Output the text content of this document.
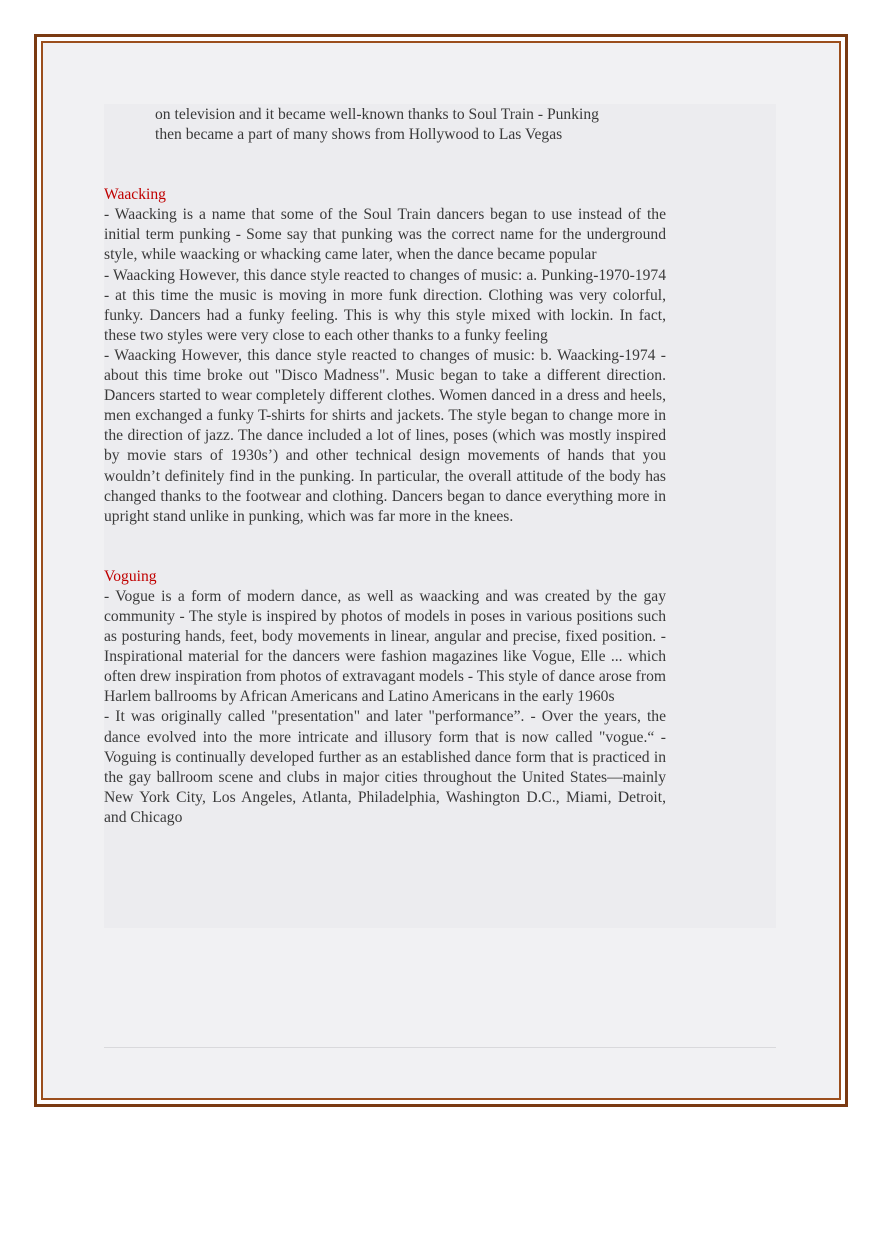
on television and it became well-known thanks to Soul Train - Punking
then became a part of many shows from Hollywood to Las Vegas
Waacking
- Waacking is a name that some of the Soul Train dancers began to use instead of the initial term punking - Some say that punking was the correct name for the underground style, while waacking or whacking came later, when the dance became popular
- Waacking However, this dance style reacted to changes of music: a. Punking-1970-1974 - at this time the music is moving in more funk direction. Clothing was very colorful, funky. Dancers had a funky feeling. This is why this style mixed with lockin. In fact, these two styles were very close to each other thanks to a funky feeling
- Waacking However, this dance style reacted to changes of music: b. Waacking-1974 - about this time broke out "Disco Madness". Music began to take a different direction. Dancers started to wear completely different clothes. Women danced in a dress and heels, men exchanged a funky T-shirts for shirts and jackets. The style began to change more in the direction of jazz. The dance included a lot of lines, poses (which was mostly inspired by movie stars of 1930s’) and other technical design movements of hands that you wouldn’t definitely find in the punking. In particular, the overall attitude of the body has changed thanks to the footwear and clothing. Dancers began to dance everything more in upright stand unlike in punking, which was far more in the knees.
Voguing
- Vogue is a form of modern dance, as well as waacking and was created by the gay community - The style is inspired by photos of models in poses in various positions such as posturing hands, feet, body movements in linear, angular and precise, fixed position. - Inspirational material for the dancers were fashion magazines like Vogue, Elle ... which often drew inspiration from photos of extravagant models - This style of dance arose from Harlem ballrooms by African Americans and Latino Americans in the early 1960s
- It was originally called "presentation" and later "performance”. - Over the years, the dance evolved into the more intricate and illusory form that is now called "vogue.“ - Voguing is continually developed further as an established dance form that is practiced in the gay ballroom scene and clubs in major cities throughout the United States—mainly New York City, Los Angeles, Atlanta, Philadelphia, Washington D.C., Miami, Detroit, and Chicago
